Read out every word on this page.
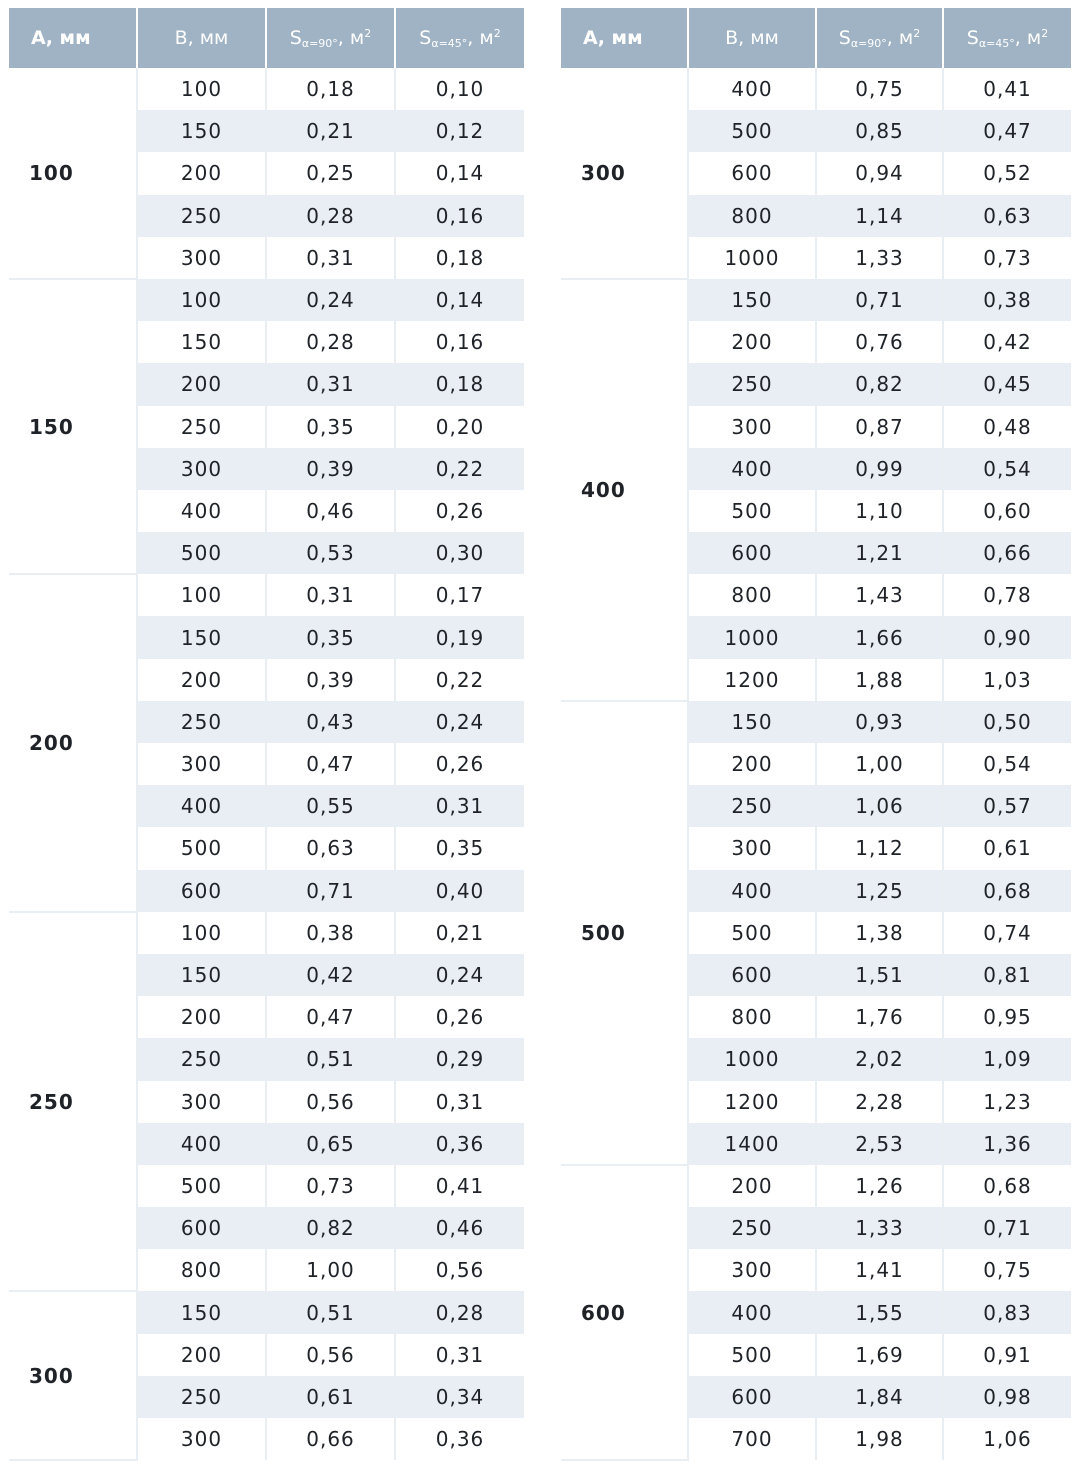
А, мм	В, мм	$S_{\alpha=90^\circ}$, $м^2$	$S_{\alpha=45^\circ}$, $м^2$
100	100	0,18	0,10
	150	0,21	0,12
	200	0,25	0,14
	250	0,28	0,16
	300	0,31	0,18
150	100	0,24	0,14
	150	0,28	0,16
	200	0,31	0,18
	250	0,35	0,20
	300	0,39	0,22
	400	0,46	0,26
	500	0,53	0,30
200	100	0,31	0,17
	150	0,35	0,19
	200	0,39	0,22
	250	0,43	0,24
	300	0,47	0,26
	400	0,55	0,31
	500	0,63	0,35
	600	0,71	0,40
250	100	0,38	0,21
	150	0,42	0,24
	200	0,47	0,26
	250	0,51	0,29
	300	0,56	0,31
	400	0,65	0,36
	500	0,73	0,41
	600	0,82	0,46
	800	1,00	0,56
300	150	0,51	0,28
	200	0,56	0,31
	250	0,61	0,34
	300	0,66	0,36
А, мм	В, мм	$S_{\alpha=90^\circ}$, $м^2$	$S_{\alpha=45^\circ}$, $м^2$
300	400	0,75	0,41
	500	0,85	0,47
	600	0,94	0,52
	800	1,14	0,63
	1000	1,33	0,73
400	150	0,71	0,38
	200	0,76	0,42
	250	0,82	0,45
	300	0,87	0,48
	400	0,99	0,54
	500	1,10	0,60
	600	1,21	0,66
	800	1,43	0,78
	1000	1,66	0,90
	1200	1,88	1,03
500	150	0,93	0,50
	200	1,00	0,54
	250	1,06	0,57
	300	1,12	0,61
	400	1,25	0,68
	500	1,38	0,74
	600	1,51	0,81
	800	1,76	0,95
	1000	2,02	1,09
	1200	2,28	1,23
	1400	2,53	1,36
600	200	1,26	0,68
	250	1,33	0,71
	300	1,41	0,75
	400	1,55	0,83
	500	1,69	0,91
	600	1,84	0,98
	700	1,98	1,06
